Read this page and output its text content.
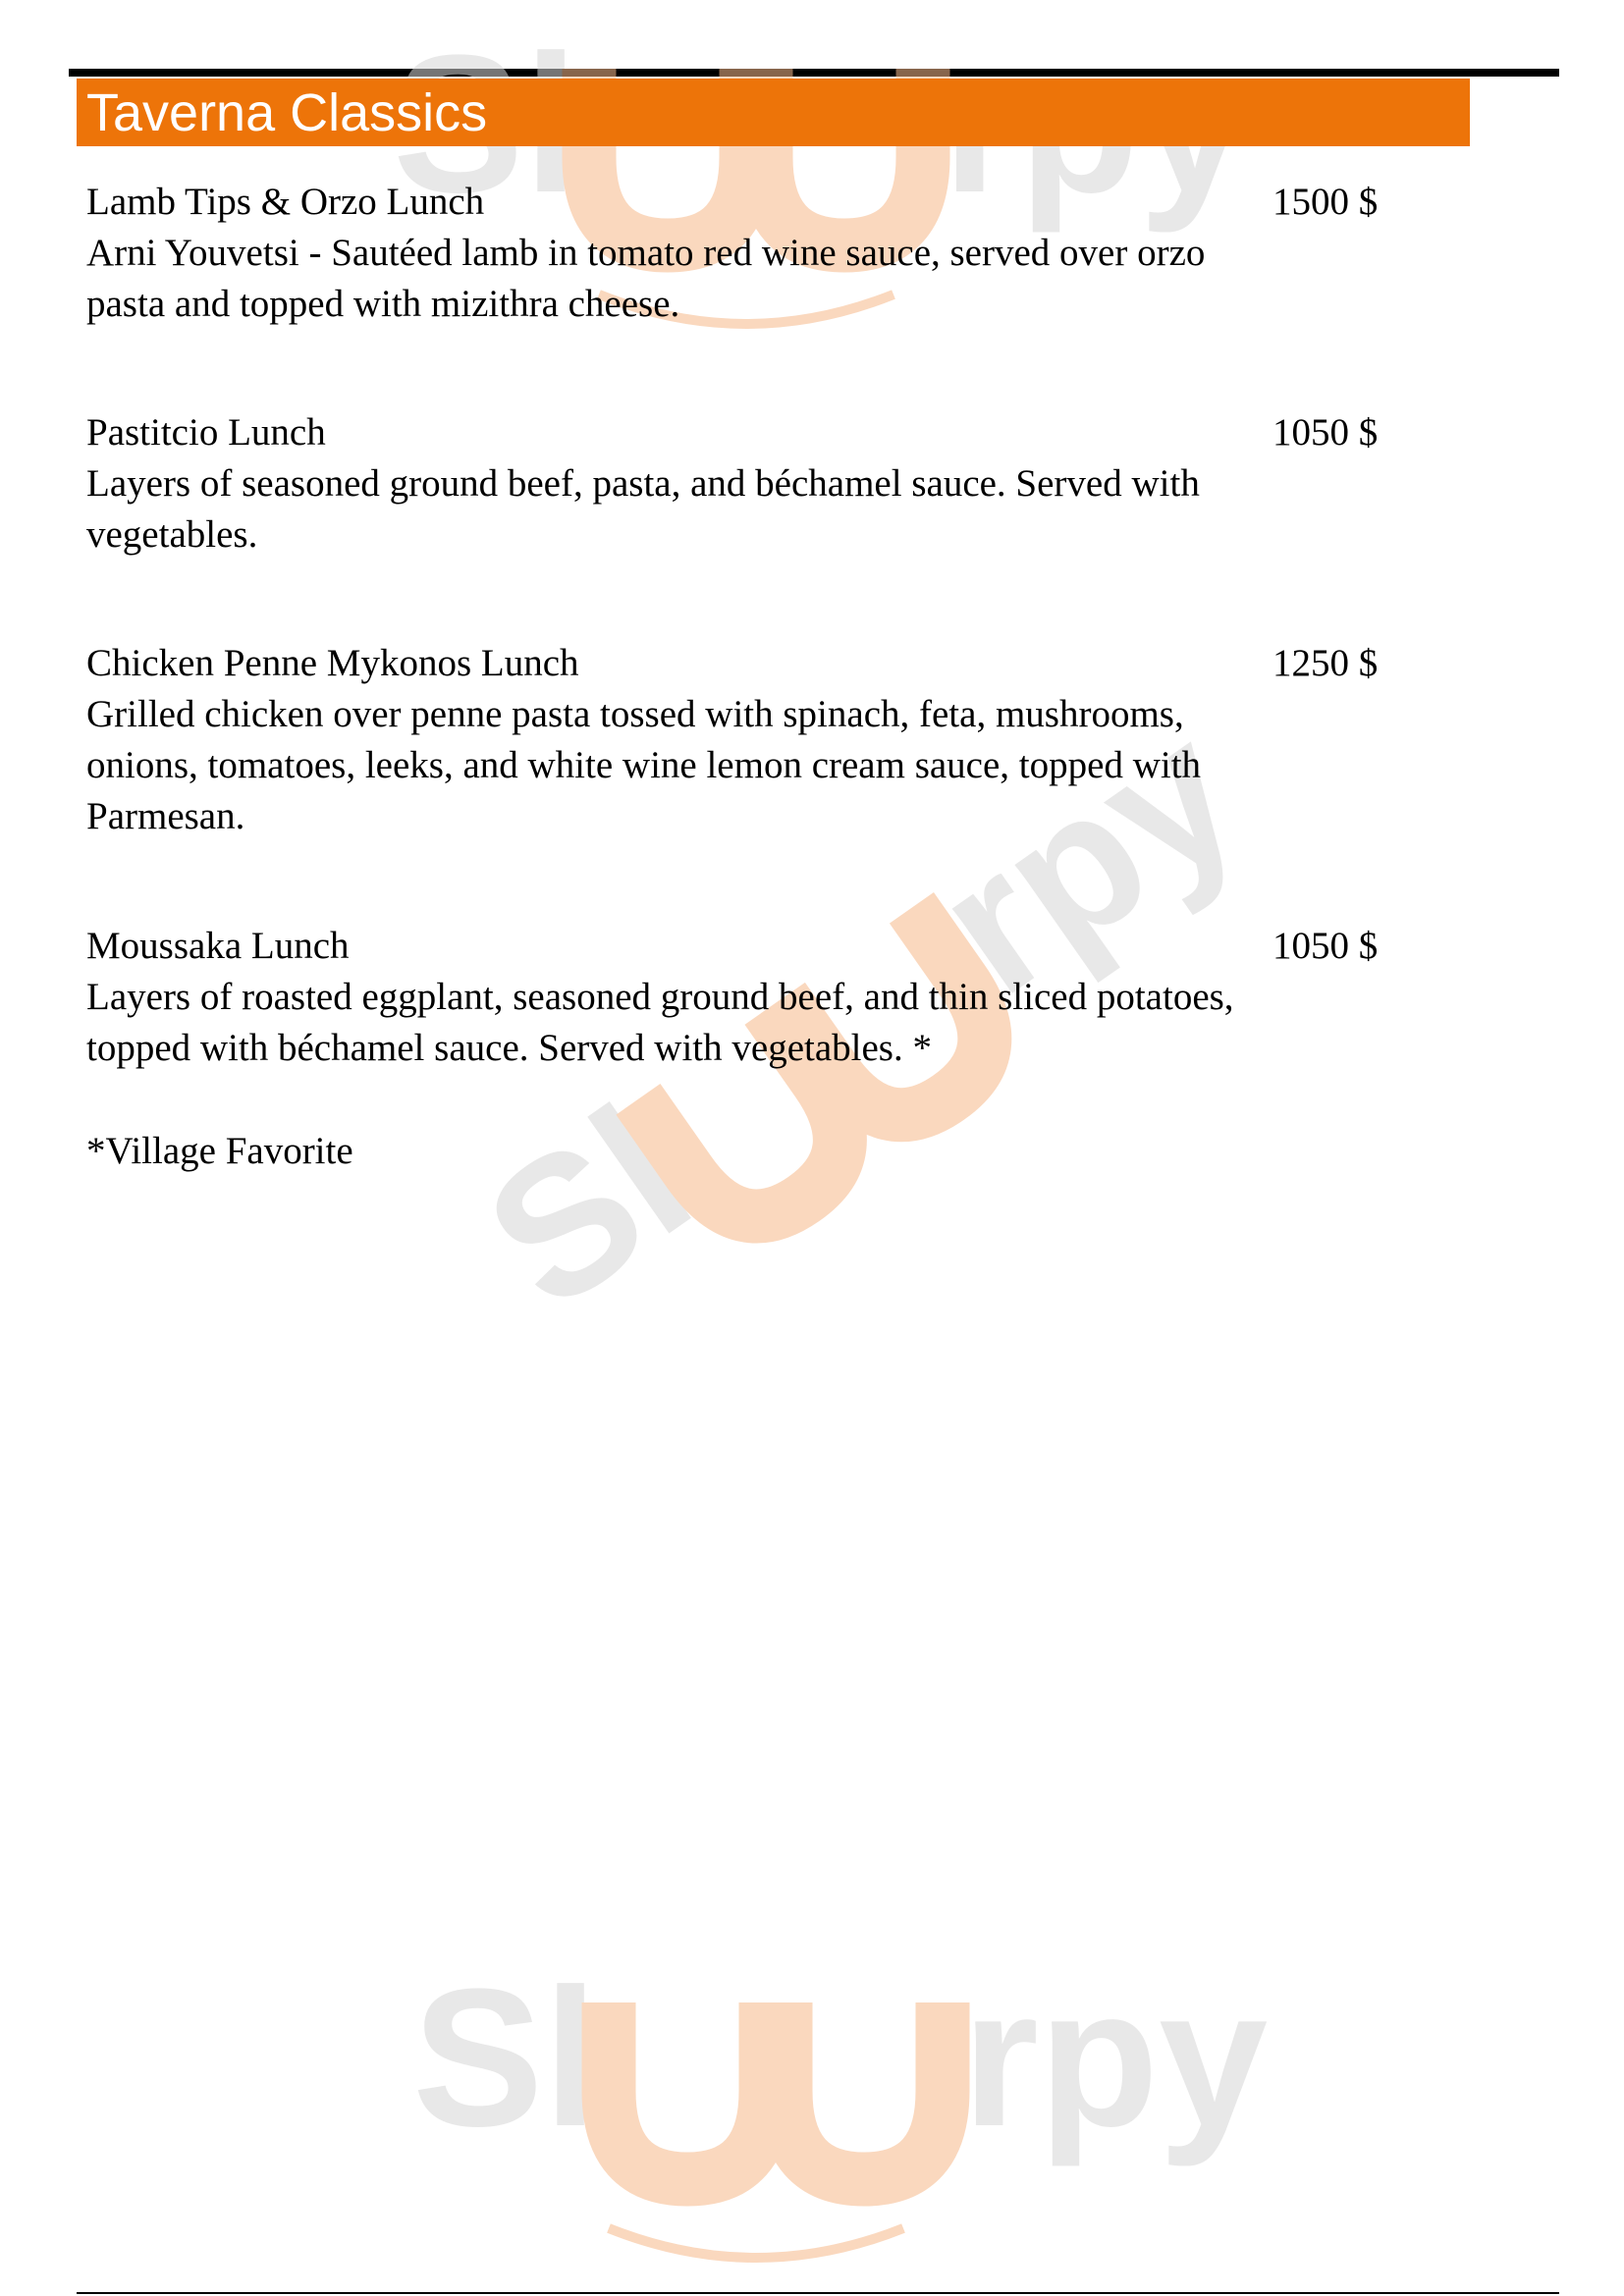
Sl
rpy
Sl rpy
Taverna Classics
Lamb Tips & Orzo Lunch
Arni Youvetsi - Sautéed lamb in tomato red wine sauce, served over orzo pasta and topped with mizithra cheese.
1500 $
Pastitcio Lunch
Layers of seasoned ground beef, pasta, and béchamel sauce. Served with vegetables.
1050 $
Chicken Penne Mykonos Lunch
Grilled chicken over penne pasta tossed with spinach, feta, mushrooms, onions, tomatoes, leeks, and white wine lemon cream sauce, topped with Parmesan.
1250 $
Moussaka Lunch
Layers of roasted eggplant, seasoned ground beef, and thin sliced potatoes, topped with béchamel sauce. Served with vegetables. *
1050 $
*Village Favorite
